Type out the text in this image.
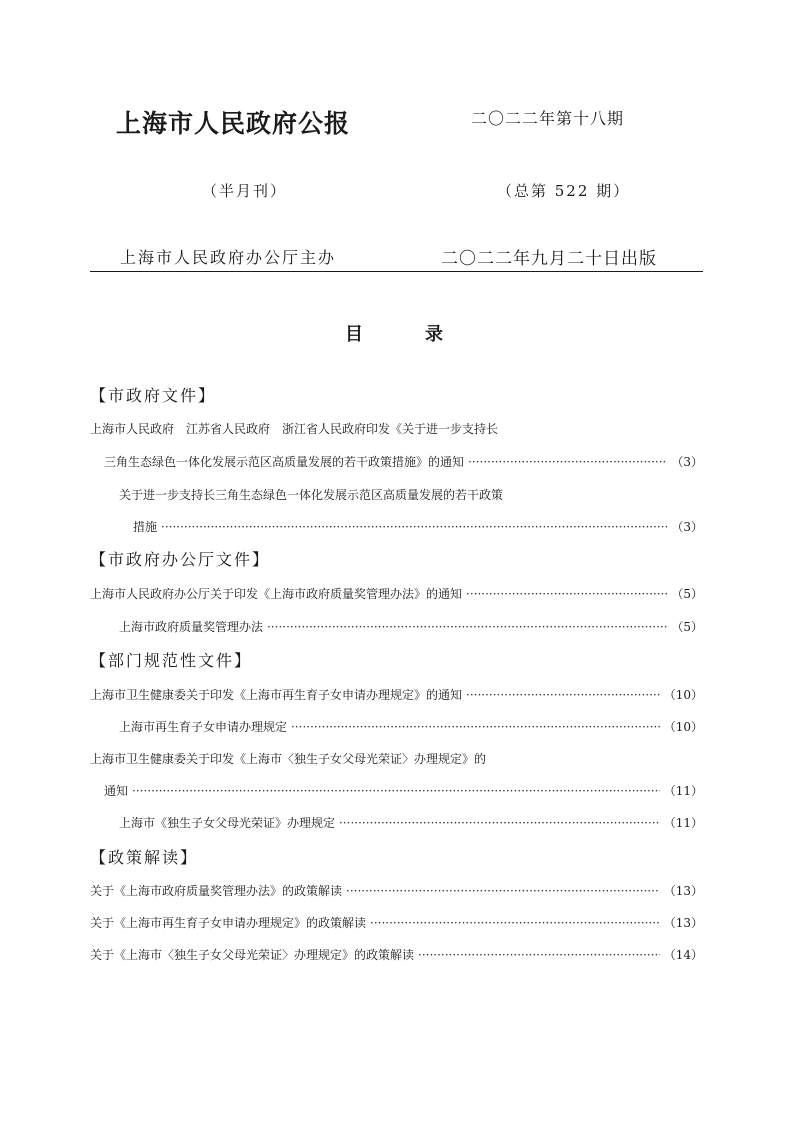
上海市人民政府公报	二〇二二年第十八期
（半月刊）	（总第 522 期）
上海市人民政府办公厅主办	二〇二二年九月二十日出版
目	录
【市政府文件】
上海市人民政府　江苏省人民政府　浙江省人民政府印发《关于进一步支持长
三角生态绿色一体化发展示范区高质量发展的若干政策措施》的通知 ·····	（3）
关于进一步支持长三角生态绿色一体化发展示范区高质量发展的若干政策
措施 ·····	（3）
【市政府办公厅文件】
上海市人民政府办公厅关于印发《上海市政府质量奖管理办法》的通知 ·····	（5）
上海市政府质量奖管理办法 ·····	（5）
【部门规范性文件】
上海市卫生健康委关于印发《上海市再生育子女申请办理规定》的通知 ·····	（10）
上海市再生育子女申请办理规定 ·····	（10）
上海市卫生健康委关于印发《上海市〈独生子女父母光荣证〉办理规定》的
通知 ·····	（11）
上海市《独生子女父母光荣证》办理规定 ·····	（11）
【政策解读】
关于《上海市政府质量奖管理办法》的政策解读 ·····	（13）
关于《上海市再生育子女申请办理规定》的政策解读 ·····	（13）
关于《上海市〈独生子女父母光荣证〉办理规定》的政策解读 ·····	（14）
